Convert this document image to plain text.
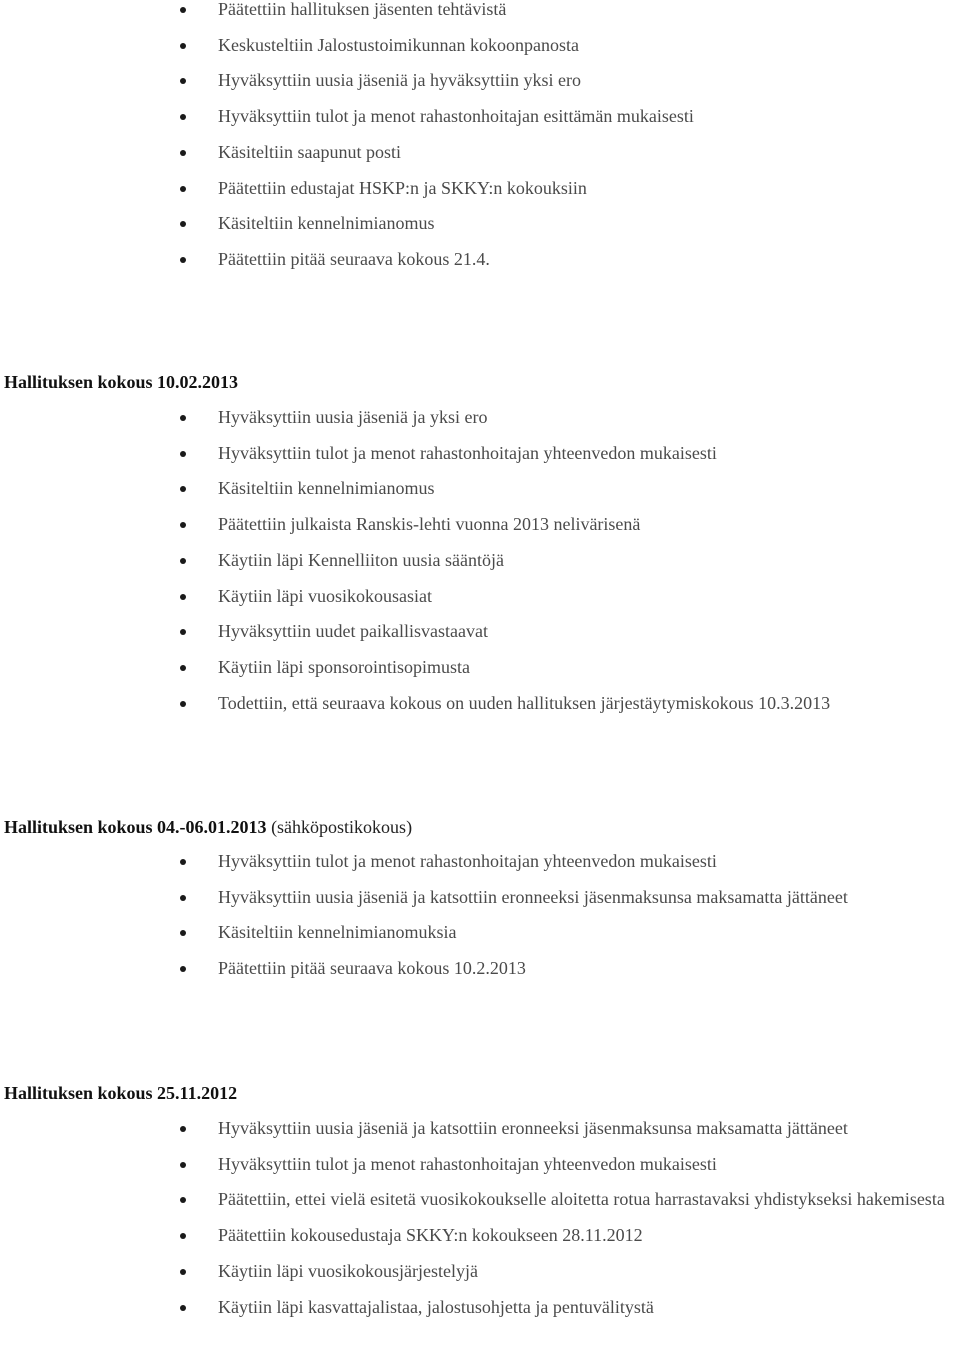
Päätettiin hallituksen jäsenten tehtävistä
Keskusteltiin Jalostustoimikunnan kokoonpanosta
Hyväksyttiin uusia jäseniä ja hyväksyttiin yksi ero
Hyväksyttiin tulot ja menot rahastonhoitajan esittämän mukaisesti
Käsiteltiin saapunut posti
Päätettiin edustajat HSKP:n ja SKKY:n kokouksiin
Käsiteltiin kennelnimianomus
Päätettiin pitää seuraava kokous 21.4.
Hallituksen kokous 10.02.2013
Hyväksyttiin uusia jäseniä ja yksi ero
Hyväksyttiin tulot ja menot rahastonhoitajan yhteenvedon mukaisesti
Käsiteltiin kennelnimianomus
Päätettiin julkaista Ranskis-lehti vuonna 2013 nelivärisenä
Käytiin läpi Kennelliiton uusia sääntöjä
Käytiin läpi vuosikokousasiat
Hyväksyttiin uudet paikallisvastaavat
Käytiin läpi sponsorointisopimusta
Todettiin, että seuraava kokous on uuden hallituksen järjestäytymiskokous 10.3.2013
Hallituksen kokous 04.-06.01.2013 (sähköpostikokous)
Hyväksyttiin tulot ja menot rahastonhoitajan yhteenvedon mukaisesti
Hyväksyttiin uusia jäseniä ja katsottiin eronneeksi jäsenmaksunsa maksamatta jättäneet
Käsiteltiin kennelnimianomuksia
Päätettiin pitää seuraava kokous 10.2.2013
Hallituksen kokous 25.11.2012
Hyväksyttiin uusia jäseniä ja katsottiin eronneeksi jäsenmaksunsa maksamatta jättäneet
Hyväksyttiin tulot ja menot rahastonhoitajan yhteenvedon mukaisesti
Päätettiin, ettei vielä esitetä vuosikokoukselle aloitetta rotua harrastavaksi yhdistykseksi hakemisesta
Päätettiin kokousedustaja SKKY:n kokoukseen 28.11.2012
Käytiin läpi vuosikokousjärjestelyjä
Käytiin läpi kasvattajalistaa, jalostusohjetta ja pentuvälitystä
